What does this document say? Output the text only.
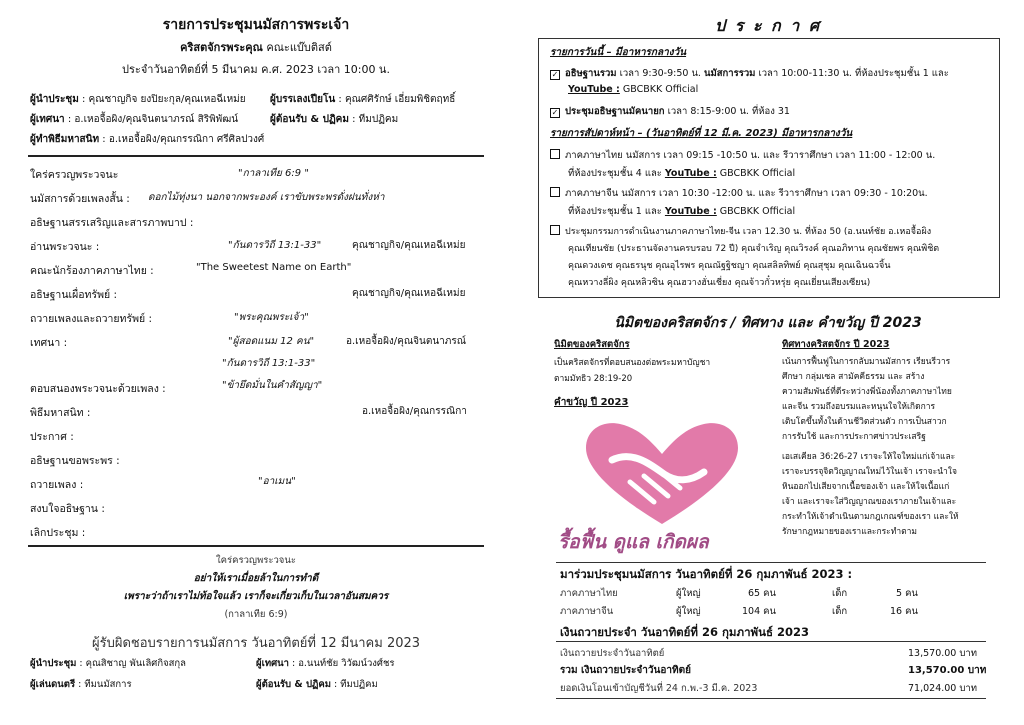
รายการประชุมนมัสการพระเจ้า
คริสตจักรพระคุณ คณะแบ๊บติสต์
ประจำวันอาทิตย์ที่ 5 มีนาคม ค.ศ. 2023 เวลา 10:00 น.
ผู้นำประชุม : คุณชาญกิจ ยงปิยะกุล/คุณเหอฉีเหม่ย ผู้บรรเลงเปียโน : คุณศศิรักษ์ เอี่ยมพิชิตฤทธิ์
ผู้เทศนา : อ.เหอจื้อผิง/คุณจินตนาภรณ์ สิริพิพัฒน์	ผู้ต้อนรับ & ปฏิคม : ทีมปฏิคม
ผู้ทำพิธีมหาสนิท : อ.เหอจื้อผิง/คุณกรรณิกา ศรีศิลปวงศ์
ใคร่ครวญพระวจนะ	"กาลาเทีย 6:9 "
นมัสการด้วยเพลงสั้น : ดอกไม้ทุ่งนา นอกจากพระองค์ เราขับพระพรดั่งฝนทั่งห่า
อธิษฐานสรรเสริญและสารภาพบาป :
อ่านพระวจนะ :	"กันดารวิถี 13:1-33"	คุณชาญกิจ/คุณเหอฉีเหม่ย
คณะนักร้องภาคภาษาไทย :	"The Sweetest Name on Earth"
อธิษฐานเผื่อทรัพย์ :	คุณชาญกิจ/คุณเหอฉีเหม่ย
ถวายเพลงและถวายทรัพย์ :	"พระคุณพระเจ้า"
เทศนา :	"ผู้สอดแนม 12 คน"	อ.เหอจื้อผิง/คุณจินตนาภรณ์
"กันดารวิถี 13:1-33"
ตอบสนองพระวจนะด้วยเพลง :	"ข้ายึดมั่นในคำสัญญา"
พิธีมหาสนิท :	อ.เหอจื้อผิง/คุณกรรณิกา
ประกาศ :
อธิษฐานขอพระพร :
ถวายเพลง :	"อาเมน"
สงบใจอธิษฐาน :
เลิกประชุม :
ใคร่ครวญพระวจนะ
อย่าให้เราเมื่อยล้าในการทำดี
เพราะว่าถ้าเราไม่ท้อใจแล้ว เราก็จะเกี่ยวเก็บในเวลาอันสมควร
(กาลาเทีย 6:9)
ผู้รับผิดชอบรายการนมัสการ วันอาทิตย์ที่ 12 มีนาคม 2023
ผู้นำประชุม : คุณสิชาญ พันเลิศกิจสกุล	ผู้เทศนา : อ.นนท์ชัย วิวัฒน์วงศ์ชร
ผู้เล่นดนตรี : ทีมนมัสการ	ผู้ต้อนรับ & ปฏิคม : ทีมปฏิคม
ป ร ะ ก า ศ
รายการวันนี้ – มีอาหารกลางวัน
✓ อธิษฐานรวม เวลา 9:30-9:50 น. นมัสการรวม เวลา 10:00-11:30 น. ที่ห้องประชุมชั้น 1 และ
YouTube : GBCBKK Official
✓ ประชุมอธิษฐานมัคนายก เวลา 8:15-9:00 น. ที่ห้อง 31
รายการสัปดาห์หน้า – (วันอาทิตย์ที่ 12 มี.ค. 2023) มีอาหารกลางวัน
ภาคภาษาไทย นมัสการ เวลา 09:15 -10:50 น. และ รีวาราศึกษา เวลา 11:00 - 12:00 น.
ที่ห้องประชุมชั้น 4 และ YouTube : GBCBKK Official
ภาคภาษาจีน นมัสการ เวลา 10:30 -12:00 น. และ รีวาราศึกษา เวลา 09:30 - 10:20น.
ที่ห้องประชุมชั้น 1 และ YouTube : GBCBKK Official
ประชุมกรรมการดำเนินงานภาคภาษาไทย-จีน เวลา 12.30 น. ที่ห้อง 50 (อ.นนท์ชัย อ.เหอจื้อผิง
คุณเทียนชัย (ประธานจัดงานครบรอบ 72 ปี) คุณจำเริญ คุณวิรงค์ คุณอภิทาน คุณชัยพร คุณพิชิต
คุณดวงเดช คุณธรนุช คุณอุไรพร คุณณัฐฐิชญา คุณสลิลทิพย์ คุณสุชุม คุณเฉินฉวจิ้น
คุณหวางลี่ผิง คุณหลิวซิน คุณฮวางฮั่นเชี่ยง คุณจ้าวกั๋วหรุ่ย คุณเยี่ยนเสียงเซียน)
นิมิตของคริสตจักร / ทิศทาง และ คำขวัญ ปี 2023
นิมิตของคริสตจักร
เป็นคริสตจักรที่ตอบสนองต่อพระมหาบัญชา
ตามมัทธิว 28:19-20
คำขวัญ ปี 2023
รื้อฟื้น ดูแล เกิดผล
ทิศทางคริสตจักร ปี 2023
เน้นการฟื้นฟูในการกลับมานมัสการ เรียนรีวาร
ศึกษา กลุ่มเซล สามัคคีธรรม และ สร้าง
ความสัมพันธ์ที่ดีระหว่างพี่น้องทั้งภาคภาษาไทย
และจีน รวมถึงอบรมและหนุนใจให้เกิดการ
เติบโตขึ้นทั้งในด้านชีวิตส่วนตัว การเป็นสาวก
การรับใช้ และการประกาศข่าวประเสริฐ
เอเสเคียล 36:26-27 เราจะให้ใจใหม่แก่เจ้าและ
เราจะบรรจุจิตวิญญาณใหม่ไว้ในเจ้า เราจะนำใจ
หินออกไปเสียจากเนื้อของเจ้า และให้ใจเนื้อแก่
เจ้า และเราจะใส่วิญญาณของเราภายในเจ้าและ
กระทำให้เจ้าดำเนินตามกฎเกณฑ์ของเรา และให้
รักษากฎหมายของเราและกระทำตาม
มาร่วมประชุมนมัสการ วันอาทิตย์ที่ 26 กุมภาพันธ์ 2023 :
ภาคภาษาไทย	ผู้ใหญ่	65 คน	เด็ก	5 คน
ภาคภาษาจีน	ผู้ใหญ่	104 คน	เด็ก	16 คน
เงินถวายประจำ วันอาทิตย์ที่ 26 กุมภาพันธ์ 2023
เงินถวายประจำวันอาทิตย์	13,570.00 บาท
รวม เงินถวายประจำวันอาทิตย์	13,570.00 บาท
ยอดเงินโอนเข้าบัญชีวันที่ 24 ก.พ.-3 มี.ค. 2023	71,024.00 บาท
